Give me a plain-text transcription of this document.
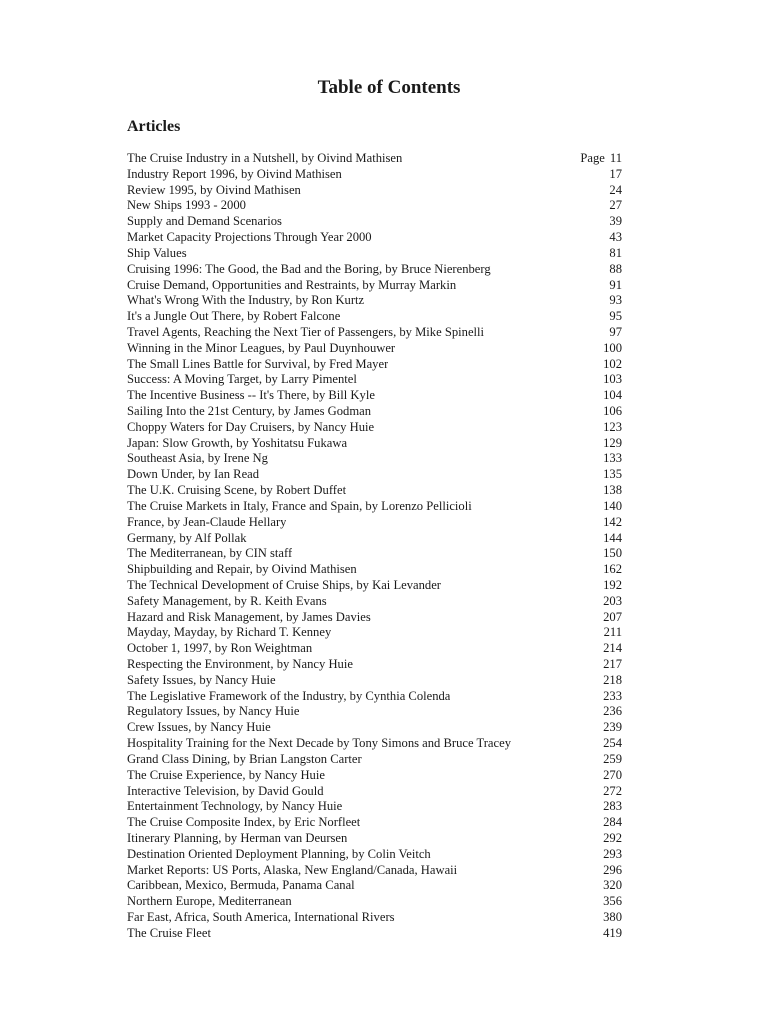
Table of Contents
Articles
The Cruise Industry in a Nutshell, by Oivind Mathisen	Page 11
Industry Report 1996, by Oivind Mathisen	17
Review 1995, by Oivind Mathisen	24
New Ships 1993 - 2000	27
Supply and Demand Scenarios	39
Market Capacity Projections Through Year 2000	43
Ship Values	81
Cruising 1996: The Good, the Bad and the Boring, by Bruce Nierenberg	88
Cruise Demand, Opportunities and Restraints, by Murray Markin	91
What's Wrong With the Industry, by Ron Kurtz	93
It's a Jungle Out There, by Robert Falcone	95
Travel Agents, Reaching the Next Tier of Passengers, by Mike Spinelli	97
Winning in the Minor Leagues, by Paul Duynhouwer	100
The Small Lines Battle for Survival, by Fred Mayer	102
Success: A Moving Target, by Larry Pimentel	103
The Incentive Business -- It's There, by Bill Kyle	104
Sailing Into the 21st Century, by James Godman	106
Choppy Waters for Day Cruisers, by Nancy Huie	123
Japan: Slow Growth, by Yoshitatsu Fukawa	129
Southeast Asia, by Irene Ng	133
Down Under, by Ian Read	135
The U.K. Cruising Scene, by Robert Duffet	138
The Cruise Markets in Italy, France and Spain, by Lorenzo Pellicioli	140
France, by Jean-Claude Hellary	142
Germany, by Alf Pollak	144
The Mediterranean, by CIN staff	150
Shipbuilding and Repair, by Oivind Mathisen	162
The Technical Development of Cruise Ships, by Kai Levander	192
Safety Management, by R. Keith Evans	203
Hazard and Risk Management, by James Davies	207
Mayday, Mayday, by Richard T. Kenney	211
October 1, 1997, by Ron Weightman	214
Respecting the Environment, by Nancy Huie	217
Safety Issues, by Nancy Huie	218
The Legislative Framework of the Industry, by Cynthia Colenda	233
Regulatory Issues, by Nancy Huie	236
Crew Issues, by Nancy Huie	239
Hospitality Training for the Next Decade by Tony Simons and Bruce Tracey	254
Grand Class Dining, by Brian Langston Carter	259
The Cruise Experience, by Nancy Huie	270
Interactive Television, by David Gould	272
Entertainment Technology, by Nancy Huie	283
The Cruise Composite Index, by Eric Norfleet	284
Itinerary Planning, by Herman van Deursen	292
Destination Oriented Deployment Planning, by Colin Veitch	293
Market Reports: US Ports, Alaska, New England/Canada, Hawaii	296
Caribbean, Mexico, Bermuda, Panama Canal	320
Northern Europe, Mediterranean	356
Far East, Africa, South America, International Rivers	380
The Cruise Fleet	419
